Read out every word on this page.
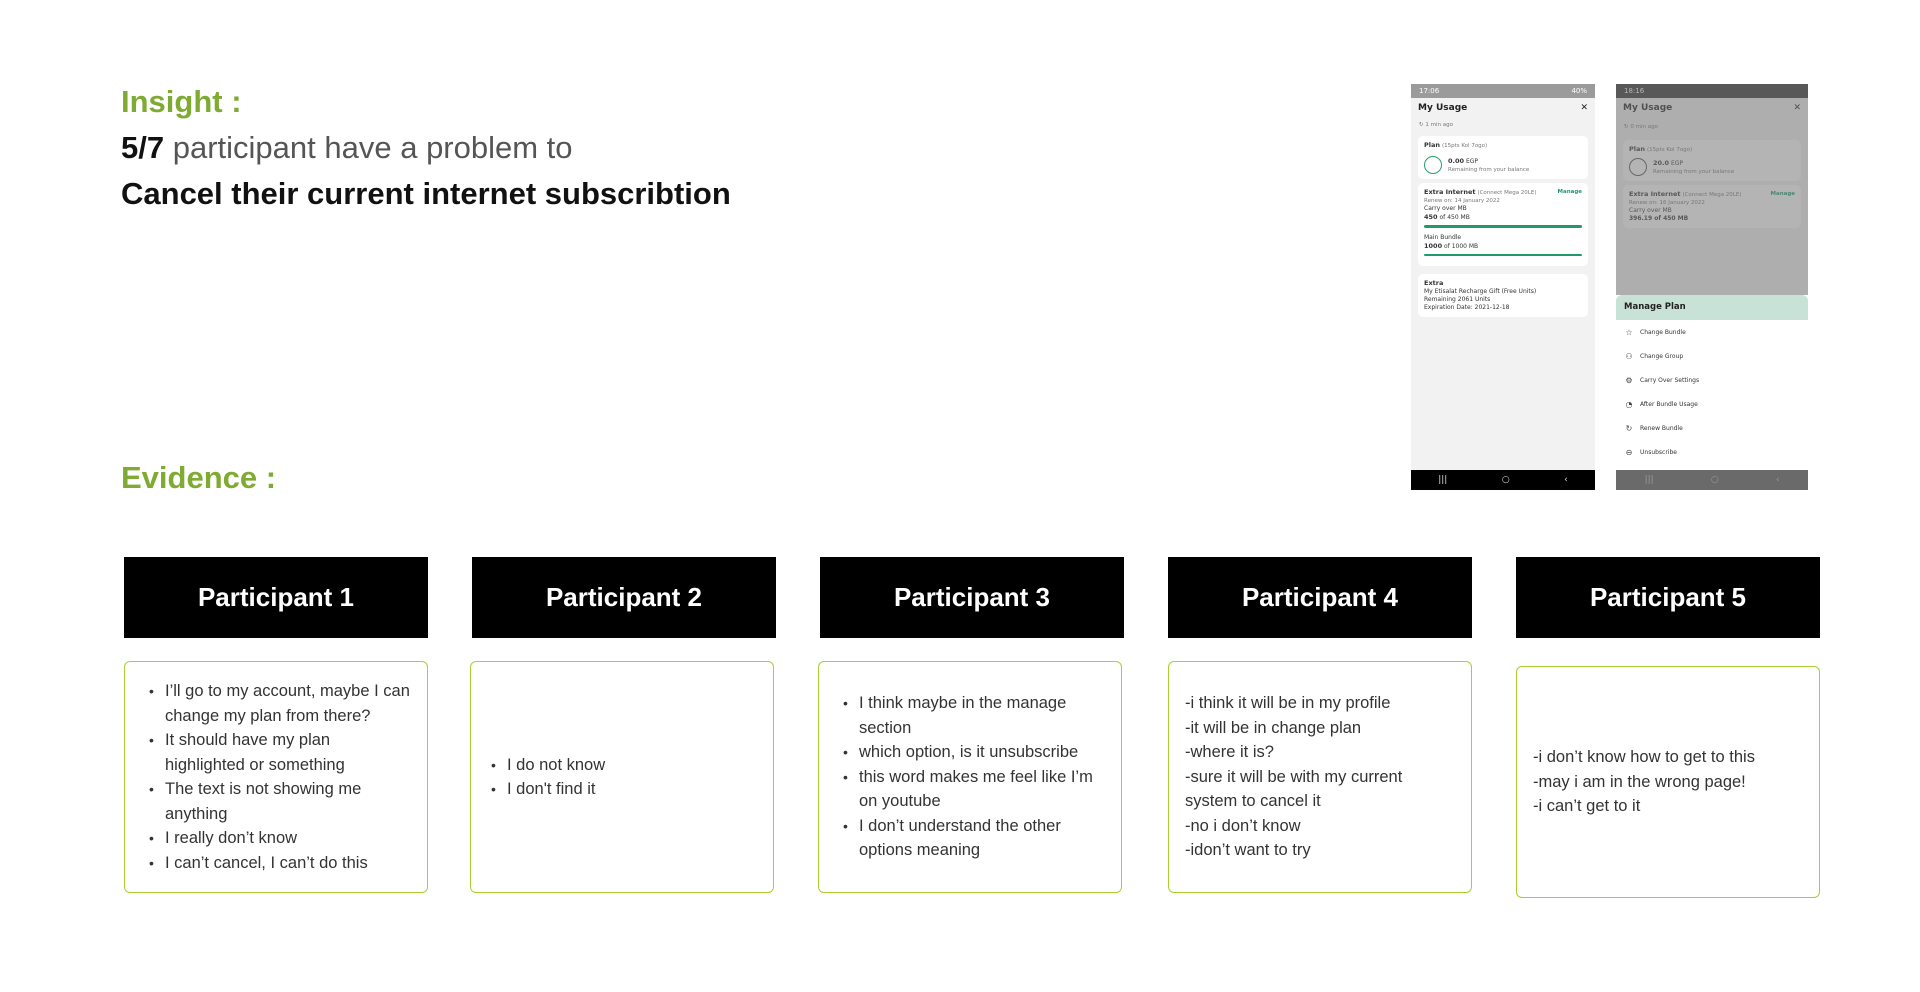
Insight :
5/7 participant have a problem to
Cancel their current internet subscribtion
Evidence :
17:06	40%
My Usage	✕
↻ 1 min ago
Plan (15pts Kol 7ogo)
0.00 EGP
Remaining from your balance
Extra Internet (Connect Mega 20LE)	Manage
Renew on: 14 January 2022
Carry over MB
450 of 450 MB
Main Bundle
1000 of 1000 MB
Extra
My Etisalat Recharge Gift (Free Units)
Remaining 2061 Units
Expiration Date: 2021-12-18
|||	○	‹
18:16
My Usage	✕
↻ 0 min ago
Plan (15pts Kol 7ogo)
20.0 EGP
Remaining from your balance
Extra Internet (Connect Mega 20LE)	Manage
Renew on: 16 January 2022
Carry over MB
396.19 of 450 MB
Manage Plan
☆ Change Bundle
⚇ Change Group
⚙ Carry Over Settings
◔ After Bundle Usage
↻ Renew Bundle
⊖ Unsubscribe
|||	○	‹
Participant 1	Participant 2	Participant 3	Participant 4	Participant 5
• I’ll go to my account, maybe I can change my plan from there?
• It should have my plan highlighted or something
• The text is not showing me anything
• I really don’t know
• I can’t cancel, I can’t do this
• I do not know
• I don't find it
• I think maybe in the manage section
• which option, is it unsubscribe
• this word makes me feel like I’m on youtube
• I don’t understand the other options meaning
-i think it will be in my profile
-it will be in change plan
-where it is?
-sure it will be with my current system to cancel it
-no i don’t know
-idon’t want to try
-i don’t know how to get to this
-may i am in the wrong page!
-i can’t get to it
